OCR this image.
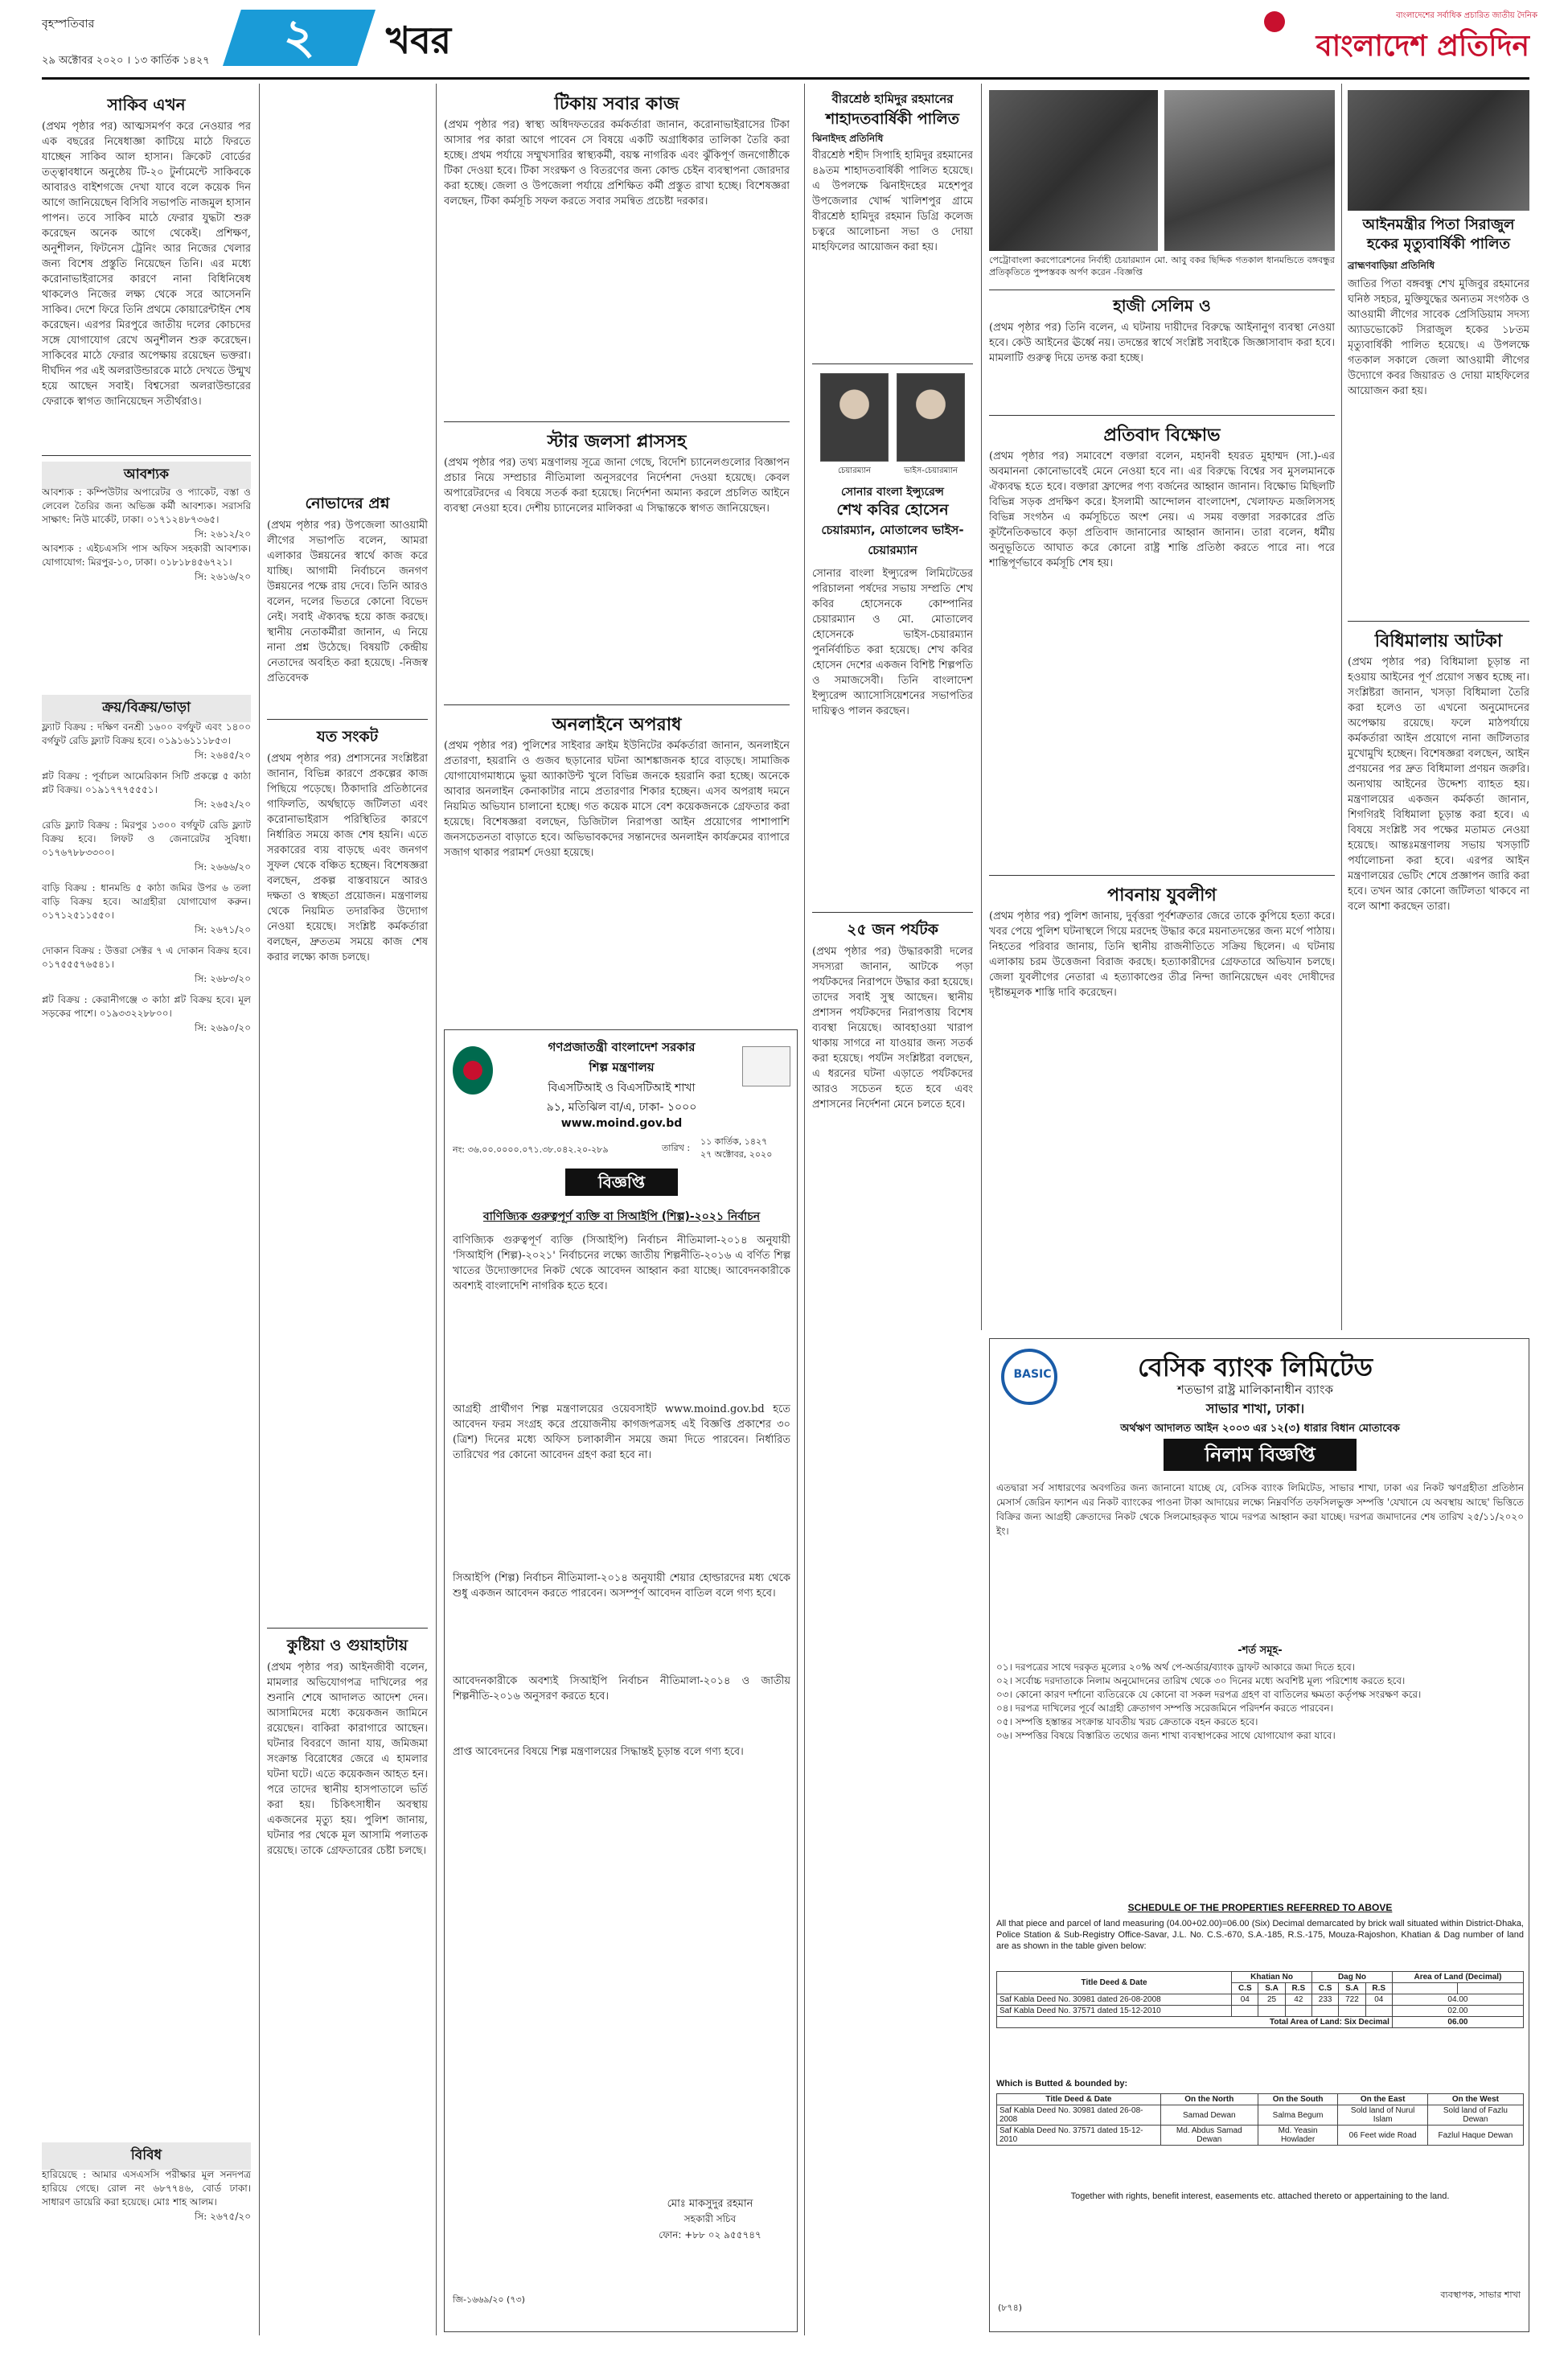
বৃহস্পতিবার
২৯ অক্টোবর ২০২০ । ১৩ কার্তিক ১৪২৭	২	খবর
বাংলাদেশের সর্বাধিক প্রচারিত জাতীয় দৈনিক
বাংলাদেশ প্রতিদিন
সাকিব এখন
(প্রথম পৃষ্ঠার পর) আত্মসমর্পণ করে নেওয়ার পর এক বছরের নিষেধাজ্ঞা কাটিয়ে মাঠে ফিরতে যাচ্ছেন সাকিব আল হাসান। ক্রিকেট বোর্ডের তত্ত্বাবধানে অনুষ্ঠেয় টি-২০ টুর্নামেন্টে সাকিবকে আবারও বাইশগজে দেখা যাবে বলে কয়েক দিন আগে জানিয়েছেন বিসিবি সভাপতি নাজমুল হাসান পাপন। তবে সাকিব মাঠে ফেরার যুদ্ধটা শুরু করেছেন অনেক আগে থেকেই। প্রশিক্ষণ, অনুশীলন, ফিটনেস ট্রেনিং আর নিজের খেলার জন্য বিশেষ প্রস্তুতি নিয়েছেন তিনি। এর মধ্যে করোনাভাইরাসের কারণে নানা বিধিনিষেধ থাকলেও নিজের লক্ষ্য থেকে সরে আসেননি সাকিব। দেশে ফিরে তিনি প্রথমে কোয়ারেন্টাইন শেষ করেছেন। এরপর মিরপুরে জাতীয় দলের কোচদের সঙ্গে যোগাযোগ রেখে অনুশীলন শুরু করেছেন। সাকিবের মাঠে ফেরার অপেক্ষায় রয়েছেন ভক্তরা। দীর্ঘদিন পর এই অলরাউন্ডারকে মাঠে দেখতে উন্মুখ হয়ে আছেন সবাই। বিশ্বসেরা অলরাউন্ডারের ফেরাকে স্বাগত জানিয়েছেন সতীর্থরাও।
আবশ্যক
আবশ্যক : কম্পিউটার অপারেটর ও প্যাকেট, বস্তা ও লেবেল তৈরির জন্য অভিজ্ঞ কর্মী আবশ্যক। সরাসরি সাক্ষাৎ: নিউ মার্কেট, ঢাকা। ০১৭১২৪৮৭৩৬৫।
সি: ২৬১২/২০
আবশ্যক : এইচএসসি পাস অফিস সহকারী আবশ্যক। যোগাযোগ: মিরপুর-১০, ঢাকা। ০১৮১৮৪৫৬৭২১।
সি: ২৬১৬/২০
ক্রয়/বিক্রয়/ভাড়া
ফ্ল্যাট বিক্রয় : দক্ষিণ বনশ্রী ১৬০০ বর্গফুট এবং ১৪০০ বর্গফুট রেডি ফ্ল্যাট বিক্রয় হবে। ০১৯১৬১১১৮৫৩।
সি: ২৬৪৫/২০
প্লট বিক্রয় : পূর্বাচল আমেরিকান সিটি প্রকল্পে ৫ কাঠা প্লট বিক্রয়। ০১৯১৭৭৭৫৫৫১।
সি: ২৬৫২/২০
রেডি ফ্ল্যাট বিক্রয় : মিরপুর ১৩০০ বর্গফুট রেডি ফ্ল্যাট বিক্রয় হবে। লিফট ও জেনারেটর সুবিধা। ০১৭৬৭৮৮৩৩০০।
সি: ২৬৬৬/২০
বাড়ি বিক্রয় : ধানমন্ডি ৫ কাঠা জমির উপর ৬ তলা বাড়ি বিক্রয় হবে। আগ্রহীরা যোগাযোগ করুন। ০১৭১২৫১১৫৫০।
সি: ২৬৭১/২০
দোকান বিক্রয় : উত্তরা সেক্টর ৭ এ দোকান বিক্রয় হবে। ০১৭৫৫৫৭৬৫৪১।
সি: ২৬৮৩/২০
প্লট বিক্রয় : কেরানীগঞ্জে ৩ কাঠা প্লট বিক্রয় হবে। মূল সড়কের পাশে। ০১৯৩৩২২৮৮০০।
সি: ২৬৯০/২০
বিবিধ
হারিয়েছে : আমার এসএসসি পরীক্ষার মূল সনদপত্র হারিয়ে গেছে। রোল নং ৬৮৭৭৪৬, বোর্ড ঢাকা। সাধারণ ডায়েরি করা হয়েছে। মোঃ শাহ আলম।
সি: ২৬৭৫/২০
নোভাদের প্রশ্ন
(প্রথম পৃষ্ঠার পর) উপজেলা আওয়ামী লীগের সভাপতি বলেন, আমরা এলাকার উন্নয়নের স্বার্থে কাজ করে যাচ্ছি। আগামী নির্বাচনে জনগণ উন্নয়নের পক্ষে রায় দেবে। তিনি আরও বলেন, দলের ভিতরে কোনো বিভেদ নেই। সবাই ঐক্যবদ্ধ হয়ে কাজ করছে। স্থানীয় নেতাকর্মীরা জানান, এ নিয়ে নানা প্রশ্ন উঠেছে। বিষয়টি কেন্দ্রীয় নেতাদের অবহিত করা হয়েছে। -নিজস্ব প্রতিবেদক
যত সংকট
(প্রথম পৃষ্ঠার পর) প্রশাসনের সংশ্লিষ্টরা জানান, বিভিন্ন কারণে প্রকল্পের কাজ পিছিয়ে পড়েছে। ঠিকাদারি প্রতিষ্ঠানের গাফিলতি, অর্থছাড়ে জটিলতা এবং করোনাভাইরাস পরিস্থিতির কারণে নির্ধারিত সময়ে কাজ শেষ হয়নি। এতে সরকারের ব্যয় বাড়ছে এবং জনগণ সুফল থেকে বঞ্চিত হচ্ছেন। বিশেষজ্ঞরা বলছেন, প্রকল্প বাস্তবায়নে আরও দক্ষতা ও স্বচ্ছতা প্রয়োজন। মন্ত্রণালয় থেকে নিয়মিত তদারকির উদ্যোগ নেওয়া হয়েছে। সংশ্লিষ্ট কর্মকর্তারা বলছেন, দ্রুততম সময়ে কাজ শেষ করার লক্ষ্যে কাজ চলছে।
কুষ্টিয়া ও গুয়াহাটায়
(প্রথম পৃষ্ঠার পর) আইনজীবী বলেন, মামলার অভিযোগপত্র দাখিলের পর শুনানি শেষে আদালত আদেশ দেন। আসামিদের মধ্যে কয়েকজন জামিনে রয়েছেন। বাকিরা কারাগারে আছেন। ঘটনার বিবরণে জানা যায়, জমিজমা সংক্রান্ত বিরোধের জেরে এ হামলার ঘটনা ঘটে। এতে কয়েকজন আহত হন। পরে তাদের স্থানীয় হাসপাতালে ভর্তি করা হয়। চিকিৎসাধীন অবস্থায় একজনের মৃত্যু হয়। পুলিশ জানায়, ঘটনার পর থেকে মূল আসামি পলাতক রয়েছে। তাকে গ্রেফতারের চেষ্টা চলছে।
টিকায় সবার কাজ
(প্রথম পৃষ্ঠার পর) স্বাস্থ্য অধিদফতরের কর্মকর্তারা জানান, করোনাভাইরাসের টিকা আসার পর কারা আগে পাবেন সে বিষয়ে একটি অগ্রাধিকার তালিকা তৈরি করা হচ্ছে। প্রথম পর্যায়ে সম্মুখসারির স্বাস্থ্যকর্মী, বয়স্ক নাগরিক এবং ঝুঁকিপূর্ণ জনগোষ্ঠীকে টিকা দেওয়া হবে। টিকা সংরক্ষণ ও বিতরণের জন্য কোল্ড চেইন ব্যবস্থাপনা জোরদার করা হচ্ছে। জেলা ও উপজেলা পর্যায়ে প্রশিক্ষিত কর্মী প্রস্তুত রাখা হচ্ছে। বিশেষজ্ঞরা বলছেন, টিকা কর্মসূচি সফল করতে সবার সমন্বিত প্রচেষ্টা দরকার।
স্টার জলসা প্লাসসহ
(প্রথম পৃষ্ঠার পর) তথ্য মন্ত্রণালয় সূত্রে জানা গেছে, বিদেশি চ্যানেলগুলোর বিজ্ঞাপন প্রচার নিয়ে সম্প্রচার নীতিমালা অনুসরণের নির্দেশনা দেওয়া হয়েছে। কেবল অপারেটরদের এ বিষয়ে সতর্ক করা হয়েছে। নির্দেশনা অমান্য করলে প্রচলিত আইনে ব্যবস্থা নেওয়া হবে। দেশীয় চ্যানেলের মালিকরা এ সিদ্ধান্তকে স্বাগত জানিয়েছেন।
অনলাইনে অপরাধ
(প্রথম পৃষ্ঠার পর) পুলিশের সাইবার ক্রাইম ইউনিটের কর্মকর্তারা জানান, অনলাইনে প্রতারণা, হয়রানি ও গুজব ছড়ানোর ঘটনা আশঙ্কাজনক হারে বাড়ছে। সামাজিক যোগাযোগমাধ্যমে ভুয়া অ্যাকাউন্ট খুলে বিভিন্ন জনকে হয়রানি করা হচ্ছে। অনেকে আবার অনলাইন কেনাকাটার নামে প্রতারণার শিকার হচ্ছেন। এসব অপরাধ দমনে নিয়মিত অভিযান চালানো হচ্ছে। গত কয়েক মাসে বেশ কয়েকজনকে গ্রেফতার করা হয়েছে। বিশেষজ্ঞরা বলছেন, ডিজিটাল নিরাপত্তা আইন প্রয়োগের পাশাপাশি জনসচেতনতা বাড়াতে হবে। অভিভাবকদের সন্তানদের অনলাইন কার্যক্রমের ব্যাপারে সজাগ থাকার পরামর্শ দেওয়া হয়েছে।
গণপ্রজাতন্ত্রী বাংলাদেশ সরকার
শিল্প মন্ত্রণালয়
বিএসটিআই ও বিএসটিআই শাখা
৯১, মতিঝিল বা/এ, ঢাকা- ১০০০
www.moind.gov.bd
নং: ৩৬.০০.০০০০.০৭১.৩৮.০৪২.২০-২৮৯	তারিখ :
১১ কার্তিক, ১৪২৭
২৭ অক্টোবর, ২০২০
বিজ্ঞপ্তি
বাণিজ্যিক গুরুত্বপূর্ণ ব্যক্তি বা সিআইপি (শিল্প)-২০২১ নির্বাচন
বাণিজ্যিক গুরুত্বপূর্ণ ব্যক্তি (সিআইপি) নির্বাচন নীতিমালা-২০১৪ অনুযায়ী 'সিআইপি (শিল্প)-২০২১' নির্বাচনের লক্ষ্যে জাতীয় শিল্পনীতি-২০১৬ এ বর্ণিত শিল্প খাতের উদ্যোক্তাদের নিকট থেকে আবেদন আহ্বান করা যাচ্ছে। আবেদনকারীকে অবশ্যই বাংলাদেশি নাগরিক হতে হবে।
আগ্রহী প্রার্থীগণ শিল্প মন্ত্রণালয়ের ওয়েবসাইট www.moind.gov.bd হতে আবেদন ফরম সংগ্রহ করে প্রয়োজনীয় কাগজপত্রসহ এই বিজ্ঞপ্তি প্রকাশের ৩০ (ত্রিশ) দিনের মধ্যে অফিস চলাকালীন সময়ে জমা দিতে পারবেন। নির্ধারিত তারিখের পর কোনো আবেদন গ্রহণ করা হবে না।
সিআইপি (শিল্প) নির্বাচন নীতিমালা-২০১৪ অনুযায়ী শেয়ার হোল্ডারদের মধ্য থেকে শুধু একজন আবেদন করতে পারবেন। অসম্পূর্ণ আবেদন বাতিল বলে গণ্য হবে।
আবেদনকারীকে অবশ্যই সিআইপি নির্বাচন নীতিমালা-২০১৪ ও জাতীয় শিল্পনীতি-২০১৬ অনুসরণ করতে হবে।
প্রাপ্ত আবেদনের বিষয়ে শিল্প মন্ত্রণালয়ের সিদ্ধান্তই চূড়ান্ত বলে গণ্য হবে।
মোঃ মাকসুদুর রহমান
সহকারী সচিব
ফোন: +৮৮ ০২ ৯৫৫৭৪৭
জি-১৬৬৯/২০ (৭৩)
বীরশ্রেষ্ঠ হামিদুর রহমানের
শাহাদতবার্ষিকী পালিত
ঝিনাইদহ প্রতিনিধি
বীরশ্রেষ্ঠ শহীদ সিপাহি হামিদুর রহমানের ৪৯তম শাহাদতবার্ষিকী পালিত হয়েছে। এ উপলক্ষে ঝিনাইদহের মহেশপুর উপজেলার খোর্দ্দ খালিশপুর গ্রামে বীরশ্রেষ্ঠ হামিদুর রহমান ডিগ্রি কলেজ চত্বরে আলোচনা সভা ও দোয়া মাহফিলের আয়োজন করা হয়।
চেয়ারম্যান	ভাইস-চেয়ারম্যান
সোনার বাংলা ইন্স্যুরেন্স
শেখ কবির হোসেন
চেয়ারম্যান, মোতালেব ভাইস-চেয়ারম্যান
সোনার বাংলা ইন্স্যুরেন্স লিমিটেডের পরিচালনা পর্ষদের সভায় সম্প্রতি শেখ কবির হোসেনকে কোম্পানির চেয়ারম্যান ও মো. মোতালেব হোসেনকে ভাইস-চেয়ারম্যান পুনর্নির্বাচিত করা হয়েছে। শেখ কবির হোসেন দেশের একজন বিশিষ্ট শিল্পপতি ও সমাজসেবী। তিনি বাংলাদেশ ইন্স্যুরেন্স অ্যাসোসিয়েশনের সভাপতির দায়িত্বও পালন করছেন।
২৫ জন পর্যটক
(প্রথম পৃষ্ঠার পর) উদ্ধারকারী দলের সদস্যরা জানান, আটকে পড়া পর্যটকদের নিরাপদে উদ্ধার করা হয়েছে। তাদের সবাই সুস্থ আছেন। স্থানীয় প্রশাসন পর্যটকদের নিরাপত্তায় বিশেষ ব্যবস্থা নিয়েছে। আবহাওয়া খারাপ থাকায় সাগরে না যাওয়ার জন্য সতর্ক করা হয়েছে। পর্যটন সংশ্লিষ্টরা বলছেন, এ ধরনের ঘটনা এড়াতে পর্যটকদের আরও সচেতন হতে হবে এবং প্রশাসনের নির্দেশনা মেনে চলতে হবে।
পেট্রোবাংলা করপোরেশনের নির্বাহী চেয়ারম্যান মো. আবু বকর ছিদ্দিক গতকাল ধানমন্ডিতে বঙ্গবন্ধুর প্রতিকৃতিতে পুষ্পস্তবক অর্পণ করেন -বিজ্ঞপ্তি
হাজী সেলিম ও
(প্রথম পৃষ্ঠার পর) তিনি বলেন, এ ঘটনায় দায়ীদের বিরুদ্ধে আইনানুগ ব্যবস্থা নেওয়া হবে। কেউ আইনের ঊর্ধ্বে নয়। তদন্তের স্বার্থে সংশ্লিষ্ট সবাইকে জিজ্ঞাসাবাদ করা হবে। মামলাটি গুরুত্ব দিয়ে তদন্ত করা হচ্ছে।
প্রতিবাদ বিক্ষোভ
(প্রথম পৃষ্ঠার পর) সমাবেশে বক্তারা বলেন, মহানবী হযরত মুহাম্মদ (সা.)-এর অবমাননা কোনোভাবেই মেনে নেওয়া হবে না। এর বিরুদ্ধে বিশ্বের সব মুসলমানকে ঐক্যবদ্ধ হতে হবে। বক্তারা ফ্রান্সের পণ্য বর্জনের আহ্বান জানান। বিক্ষোভ মিছিলটি বিভিন্ন সড়ক প্রদক্ষিণ করে। ইসলামী আন্দোলন বাংলাদেশ, খেলাফত মজলিসসহ বিভিন্ন সংগঠন এ কর্মসূচিতে অংশ নেয়। এ সময় বক্তারা সরকারের প্রতি কূটনৈতিকভাবে কড়া প্রতিবাদ জানানোর আহ্বান জানান। তারা বলেন, ধর্মীয় অনুভূতিতে আঘাত করে কোনো রাষ্ট্র শান্তি প্রতিষ্ঠা করতে পারে না। পরে শান্তিপূর্ণভাবে কর্মসূচি শেষ হয়।
পাবনায় যুবলীগ
(প্রথম পৃষ্ঠার পর) পুলিশ জানায়, দুর্বৃত্তরা পূর্বশত্রুতার জেরে তাকে কুপিয়ে হত্যা করে। খবর পেয়ে পুলিশ ঘটনাস্থলে গিয়ে মরদেহ উদ্ধার করে ময়নাতদন্তের জন্য মর্গে পাঠায়। নিহতের পরিবার জানায়, তিনি স্থানীয় রাজনীতিতে সক্রিয় ছিলেন। এ ঘটনায় এলাকায় চরম উত্তেজনা বিরাজ করছে। হত্যাকারীদের গ্রেফতারে অভিযান চলছে। জেলা যুবলীগের নেতারা এ হত্যাকাণ্ডের তীব্র নিন্দা জানিয়েছেন এবং দোষীদের দৃষ্টান্তমূলক শাস্তি দাবি করেছেন।
আইনমন্ত্রীর পিতা সিরাজুল হকের মৃত্যুবার্ষিকী পালিত
ব্রাহ্মণবাড়িয়া প্রতিনিধি
জাতির পিতা বঙ্গবন্ধু শেখ মুজিবুর রহমানের ঘনিষ্ঠ সহচর, মুক্তিযুদ্ধের অন্যতম সংগঠক ও আওয়ামী লীগের সাবেক প্রেসিডিয়াম সদস্য অ্যাডভোকেট সিরাজুল হকের ১৮তম মৃত্যুবার্ষিকী পালিত হয়েছে। এ উপলক্ষে গতকাল সকালে জেলা আওয়ামী লীগের উদ্যোগে কবর জিয়ারত ও দোয়া মাহফিলের আয়োজন করা হয়।
বিধিমালায় আটকা
(প্রথম পৃষ্ঠার পর) বিধিমালা চূড়ান্ত না হওয়ায় আইনের পূর্ণ প্রয়োগ সম্ভব হচ্ছে না। সংশ্লিষ্টরা জানান, খসড়া বিধিমালা তৈরি করা হলেও তা এখনো অনুমোদনের অপেক্ষায় রয়েছে। ফলে মাঠপর্যায়ে কর্মকর্তারা আইন প্রয়োগে নানা জটিলতার মুখোমুখি হচ্ছেন। বিশেষজ্ঞরা বলছেন, আইন প্রণয়নের পর দ্রুত বিধিমালা প্রণয়ন জরুরি। অন্যথায় আইনের উদ্দেশ্য ব্যাহত হয়। মন্ত্রণালয়ের একজন কর্মকর্তা জানান, শিগগিরই বিধিমালা চূড়ান্ত করা হবে। এ বিষয়ে সংশ্লিষ্ট সব পক্ষের মতামত নেওয়া হয়েছে। আন্তঃমন্ত্রণালয় সভায় খসড়াটি পর্যালোচনা করা হবে। এরপর আইন মন্ত্রণালয়ের ভেটিং শেষে প্রজ্ঞাপন জারি করা হবে। তখন আর কোনো জটিলতা থাকবে না বলে আশা করছেন তারা।
BASIC	বেসিক ব্যাংক লিমিটেড
শতভাগ রাষ্ট্র মালিকানাধীন ব্যাংক
সাভার শাখা, ঢাকা।
অর্থঋণ আদালত আইন ২০০৩ এর ১২(৩) ধারার বিধান মোতাবেক
নিলাম বিজ্ঞপ্তি
এতদ্বারা সর্ব সাধারণের অবগতির জন্য জানানো যাচ্ছে যে, বেসিক ব্যাংক লিমিটেড, সাভার শাখা, ঢাকা এর নিকট ঋণগ্রহীতা প্রতিষ্ঠান মেসার্স জেরিন ফ্যাশন এর নিকট ব্যাংকের পাওনা টাকা আদায়ের লক্ষ্যে নিম্নবর্ণিত তফসিলভুক্ত সম্পত্তি 'যেখানে যে অবস্থায় আছে' ভিত্তিতে বিক্রির জন্য আগ্রহী ক্রেতাদের নিকট থেকে সিলমোহরকৃত খামে দরপত্র আহ্বান করা যাচ্ছে। দরপত্র জমাদানের শেষ তারিখ ২৫/১১/২০২০ ইং।
-শর্ত সমূহ-
০১। দরপত্রের সাথে দরকৃত মূল্যের ২০% অর্থ পে-অর্ডার/ব্যাংক ড্রাফট আকারে জমা দিতে হবে।
০২। সর্বোচ্চ দরদাতাকে নিলাম অনুমোদনের তারিখ থেকে ৩০ দিনের মধ্যে অবশিষ্ট মূল্য পরিশোধ করতে হবে।
০৩। কোনো কারণ দর্শানো ব্যতিরেকে যে কোনো বা সকল দরপত্র গ্রহণ বা বাতিলের ক্ষমতা কর্তৃপক্ষ সংরক্ষণ করে।
০৪। দরপত্র দাখিলের পূর্বে আগ্রহী ক্রেতাগণ সম্পত্তি সরেজমিনে পরিদর্শন করতে পারবেন।
০৫। সম্পত্তি হস্তান্তর সংক্রান্ত যাবতীয় খরচ ক্রেতাকে বহন করতে হবে।
০৬। সম্পত্তির বিষয়ে বিস্তারিত তথ্যের জন্য শাখা ব্যবস্থাপকের সাথে যোগাযোগ করা যাবে।
SCHEDULE OF THE PROPERTIES REFERRED TO ABOVE
All that piece and parcel of land measuring (04.00+02.00)=06.00 (Six) Decimal demarcated by brick wall situated within District-Dhaka, Police Station & Sub-Registry Office-Savar, J.L. No. C.S.-670, S.A.-185, R.S.-175, Mouza-Rajoshon, Khatian & Dag number of land are as shown in the table given below:
Title Deed & Date	Khatian No			Dag No			Area of Land (Decimal)	
	C.S	S.A	R.S	C.S	S.A	R.S		
Saf Kabla Deed No. 30981 dated 26-08-2008	04	25	42	233	722	04	04.00	
Saf Kabla Deed No. 37571 dated 15-12-2010							02.00	
Total Area of Land: Six Decimal							06.00	
Which is Butted & bounded by:
Title Deed & Date	On the North	On the South	On the East	On the West
Saf Kabla Deed No. 30981 dated 26-08-2008	Samad Dewan	Salma Begum	Sold land of Nurul Islam	Sold land of Fazlu Dewan
Saf Kabla Deed No. 37571 dated 15-12-2010	Md. Abdus Samad Dewan	Md. Yeasin Howlader	06 Feet wide Road	Fazlul Haque Dewan
Together with rights, benefit interest, easements etc. attached thereto or appertaining to the land.
ব্যবস্থাপক, সাভার শাখা
(৮৭৪)
